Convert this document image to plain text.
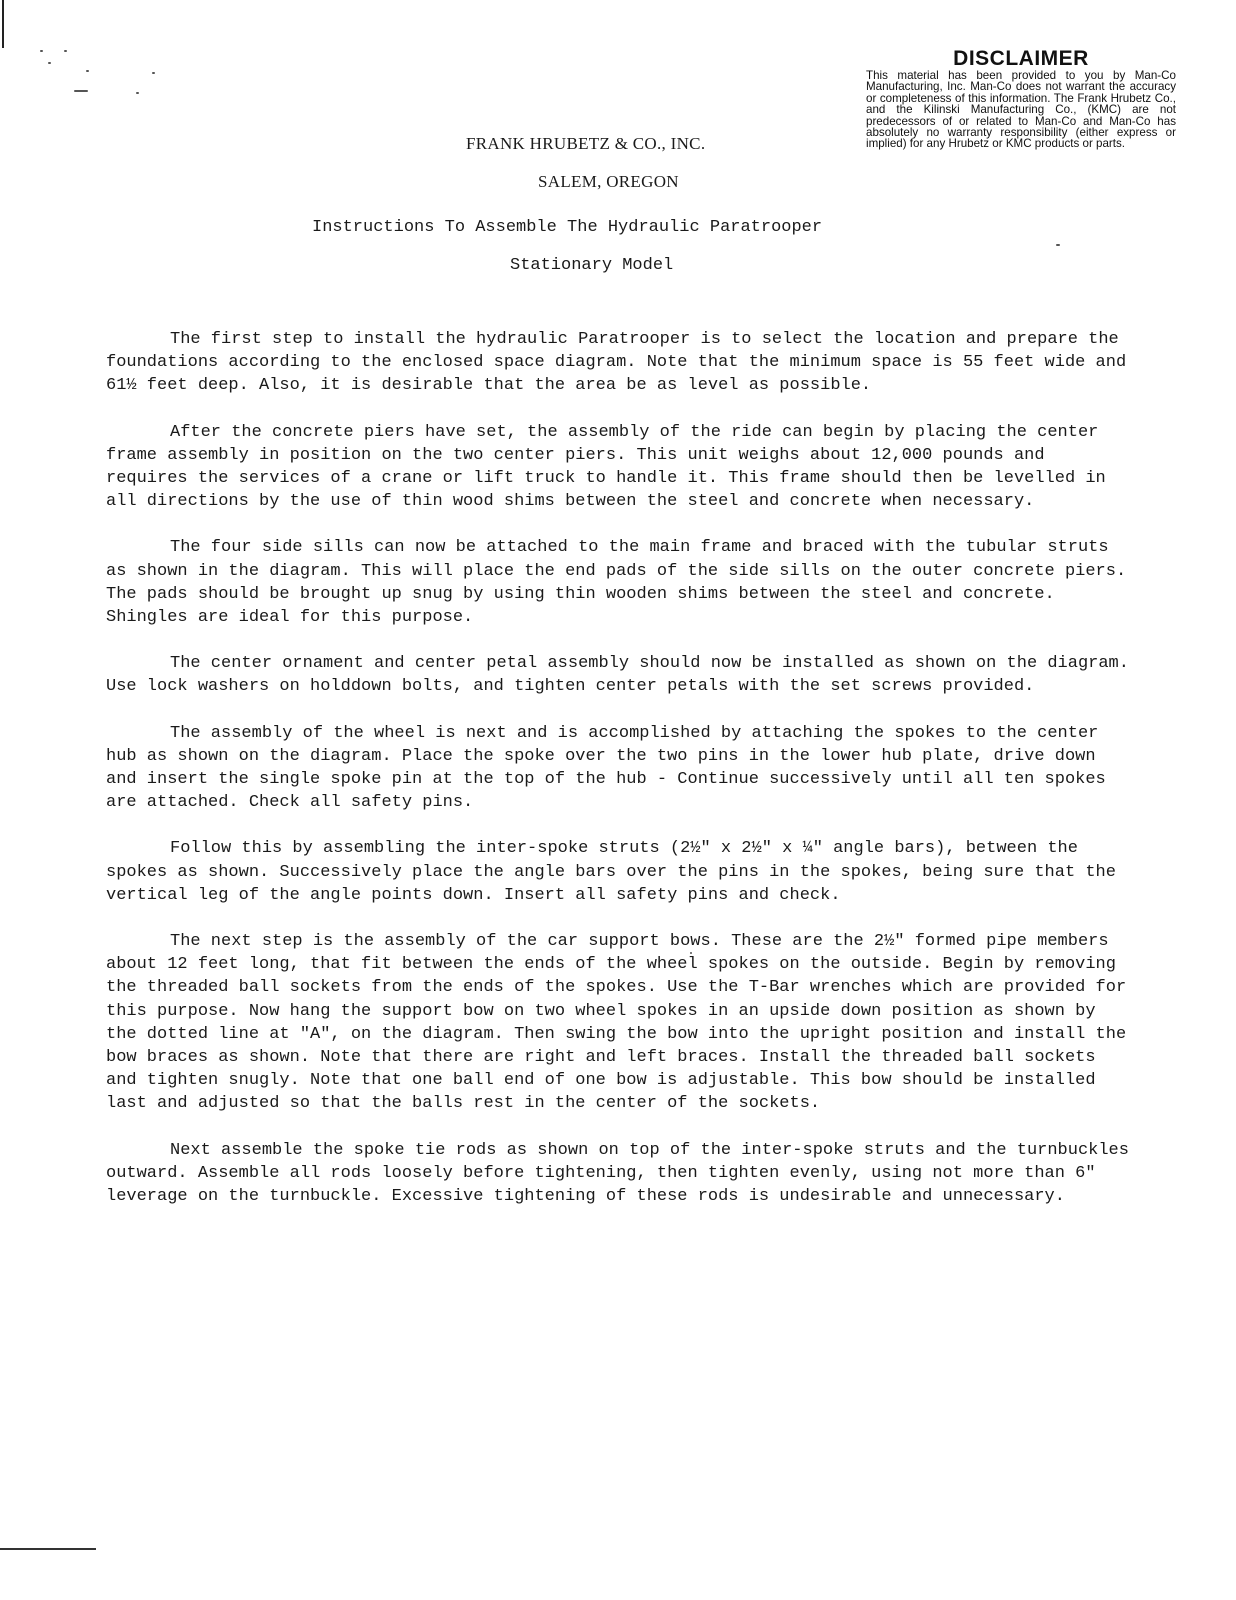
DISCLAIMER

This material has been provided to you by Man-Co Manufacturing, Inc. Man-Co does not warrant the accuracy or completeness of this information. The Frank Hrubetz Co., and the Kilinski Manufacturing Co., (KMC) are not predecessors of or related to Man-Co and Man-Co has absolutely no warranty responsibility (either express or implied) for any Hrubetz or KMC products or parts.

FRANK HRUBETZ & CO., INC.
SALEM, OREGON
Instructions To Assemble The Hydraulic Paratrooper
Stationary Model

The first step to install the hydraulic Paratrooper is to select the location and prepare the foundations according to the enclosed space diagram. Note that the minimum space is 55 feet wide and 61½ feet deep. Also, it is desirable that the area be as level as possible.

After the concrete piers have set, the assembly of the ride can begin by placing the center frame assembly in position on the two center piers. This unit weighs about 12,000 pounds and requires the services of a crane or lift truck to handle it. This frame should then be levelled in all directions by the use of thin wood shims between the steel and concrete when necessary.

The four side sills can now be attached to the main frame and braced with the tubular struts as shown in the diagram. This will place the end pads of the side sills on the outer concrete piers. The pads should be brought up snug by using thin wooden shims between the steel and concrete. Shingles are ideal for this purpose.

The center ornament and center petal assembly should now be installed as shown on the diagram. Use lock washers on holddown bolts, and tighten center petals with the set screws provided.

The assembly of the wheel is next and is accomplished by attaching the spokes to the center hub as shown on the diagram. Place the spoke over the two pins in the lower hub plate, drive down and insert the single spoke pin at the top of the hub - Continue successively until all ten spokes are attached. Check all safety pins.

Follow this by assembling the inter-spoke struts (2½" x 2½" x ¼" angle bars), between the spokes as shown. Successively place the angle bars over the pins in the spokes, being sure that the vertical leg of the angle points down. Insert all safety pins and check.

The next step is the assembly of the car support bows. These are the 2½" formed pipe members about 12 feet long, that fit between the ends of the wheel spokes on the outside. Begin by removing the threaded ball sockets from the ends of the spokes. Use the T-Bar wrenches which are provided for this purpose. Now hang the support bow on two wheel spokes in an upside down position as shown by the dotted line at "A", on the diagram. Then swing the bow into the upright position and install the bow braces as shown. Note that there are right and left braces. Install the threaded ball sockets and tighten snugly. Note that one ball end of one bow is adjustable. This bow should be installed last and adjusted so that the balls rest in the center of the sockets.

Next assemble the spoke tie rods as shown on top of the inter-spoke struts and the turnbuckles outward. Assemble all rods loosely before tightening, then tighten evenly, using not more than 6" leverage on the turnbuckle. Excessive tightening of these rods is undesirable and unnecessary.
